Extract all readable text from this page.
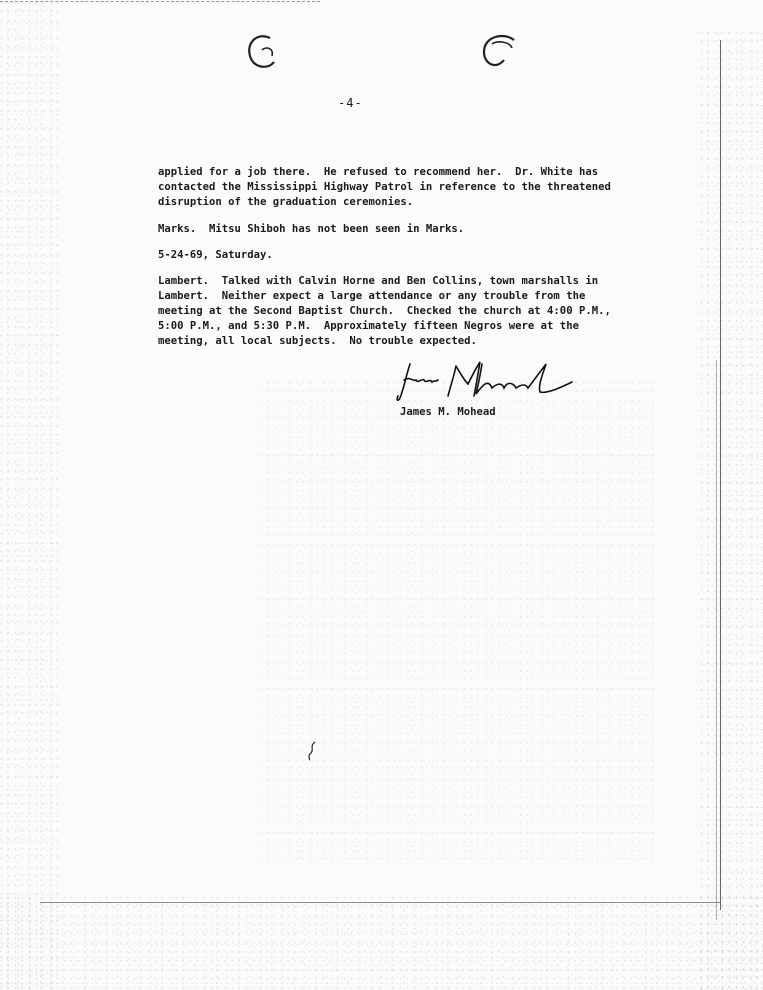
-4-

applied for a job there.  He refused to recommend her.  Dr. White has
contacted the Mississippi Highway Patrol in reference to the threatened
disruption of the graduation ceremonies.

Marks.  Mitsu Shiboh has not been seen in Marks.

5-24-69, Saturday.

Lambert.  Talked with Calvin Horne and Ben Collins, town marshalls in
Lambert.  Neither expect a large attendance or any trouble from the
meeting at the Second Baptist Church.  Checked the church at 4:00 P.M.,
5:00 P.M., and 5:30 P.M.  Approximately fifteen Negros were at the
meeting, all local subjects.  No trouble expected.

James M. Mohead
